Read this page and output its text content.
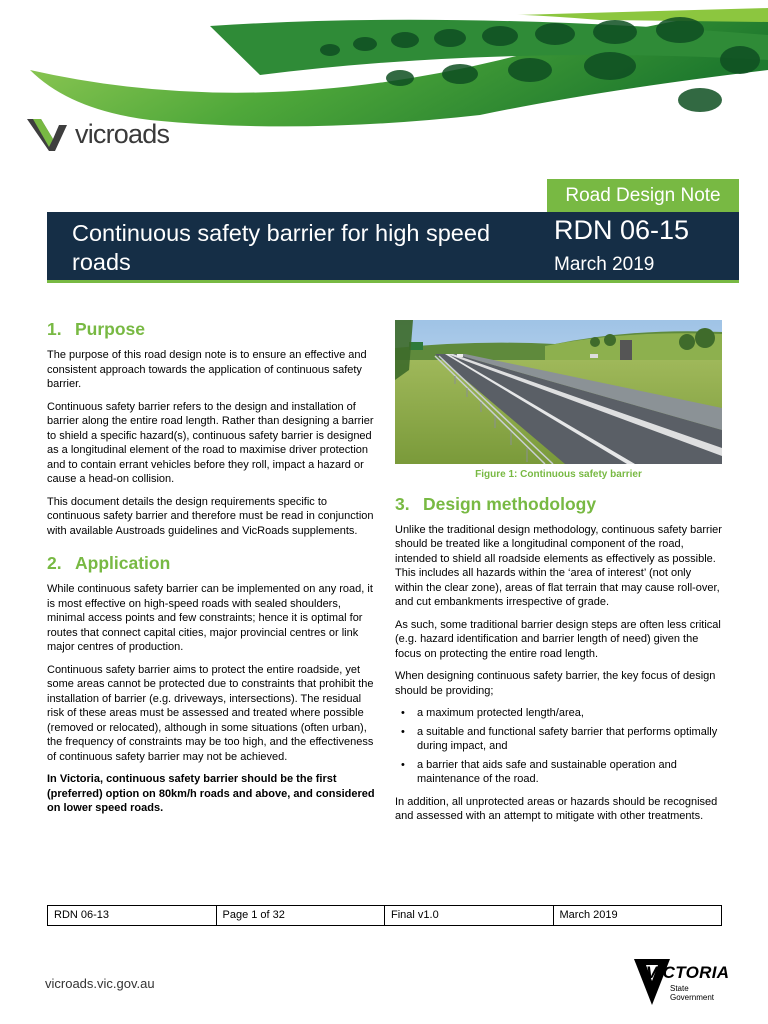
vicroads
Road Design Note
Continuous safety barrier for high speed roads
RDN 06-15
March 2019
1. Purpose

The purpose of this road design note is to ensure an effective and consistent approach towards the application of continuous safety barrier.

Continuous safety barrier refers to the design and installation of barrier along the entire road length. Rather than designing a barrier to shield a specific hazard(s), continuous safety barrier is designed as a longitudinal element of the road to maximise driver protection and to contain errant vehicles before they roll, impact a hazard or cause a head-on collision.

This document details the design requirements specific to continuous safety barrier and therefore must be read in conjunction with available Austroads guidelines and VicRoads supplements.

2. Application

While continuous safety barrier can be implemented on any road, it is most effective on high-speed roads with sealed shoulders, minimal access points and few constraints; hence it is optimal for routes that connect capital cities, major provincial centres or link major centres of production.

Continuous safety barrier aims to protect the entire roadside, yet some areas cannot be protected due to constraints that prohibit the installation of barrier (e.g. driveways, intersections). The residual risk of these areas must be assessed and treated where possible (removed or relocated), although in some situations (often urban), the frequency of constraints may be too high, and the effectiveness of continuous safety barrier may not be achieved.

In Victoria, continuous safety barrier should be the first (preferred) option on 80km/h roads and above, and considered on lower speed roads.

Figure 1: Continuous safety barrier
3. Design methodology

Unlike the traditional design methodology, continuous safety barrier should be treated like a longitudinal component of the road, intended to shield all roadside elements as effectively as possible. This includes all hazards within the ‘area of interest’ (not only within the clear zone), areas of flat terrain that may cause roll-over, and cut embankments irrespective of grade.

As such, some traditional barrier design steps are often less critical (e.g. hazard identification and barrier length of need) given the focus on protecting the entire road length.

When designing continuous safety barrier, the key focus of design should be providing;

• a maximum protected length/area,
• a suitable and functional safety barrier that performs optimally during impact, and
• a barrier that aids safe and sustainable operation and maintenance of the road.

In addition, all unprotected areas or hazards should be recognised and assessed with an attempt to mitigate with other treatments.

RDN 06-13	Page 1 of 32	Final v1.0	March 2019
vicroads.vic.gov.au
VICTORIA
State
Government
